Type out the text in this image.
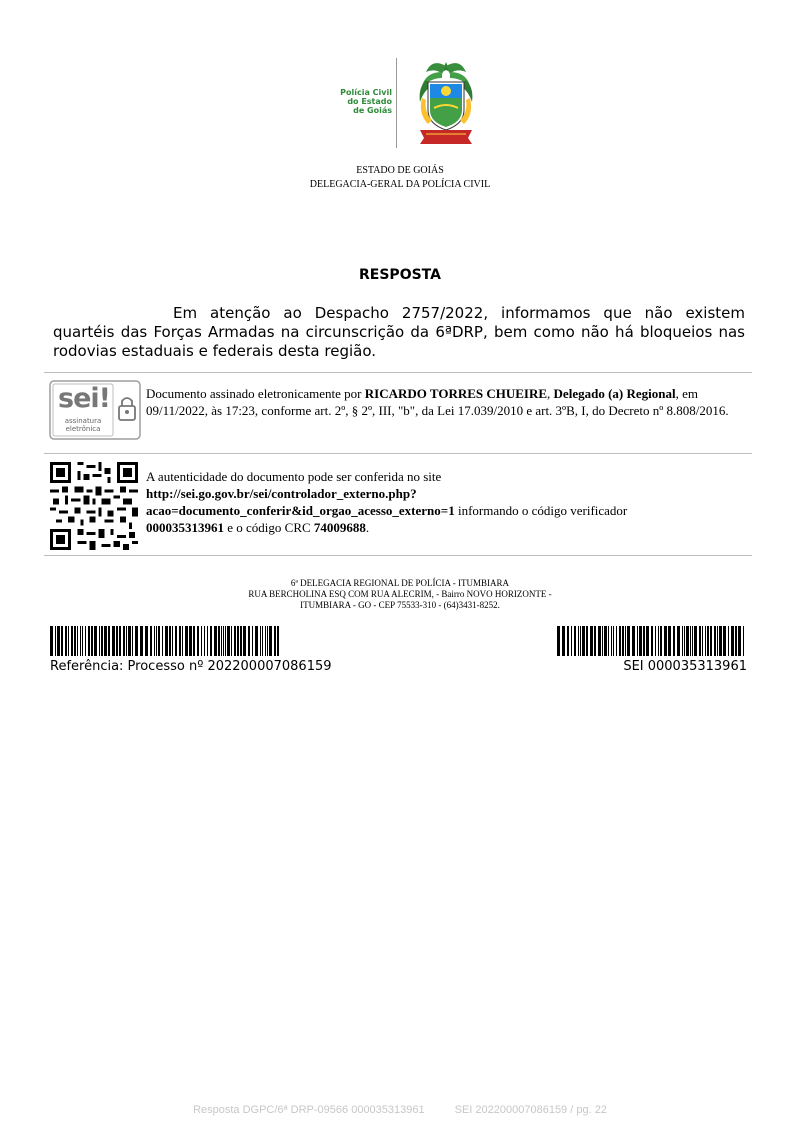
Polícia Civil
do Estado
de Goiás
ESTADO DE GOIÁS
DELEGACIA-GERAL DA POLÍCIA CIVIL
RESPOSTA
Em atenção ao Despacho 2757/2022, informamos que não existem quartéis das Forças Armadas na circunscrição da 6ªDRP, bem como não há bloqueios nas rodovias estaduais e federais desta região.
sei!
assinatura
eletrônica
Documento assinado eletronicamente por RICARDO TORRES CHUEIRE, Delegado (a) Regional, em 09/11/2022, às 17:23, conforme art. 2º, § 2º, III, "b", da Lei 17.039/2010 e art. 3ºB, I, do Decreto nº 8.808/2016.
A autenticidade do documento pode ser conferida no site
http://sei.go.gov.br/sei/controlador_externo.php?
acao=documento_conferir&id_orgao_acesso_externo=1 informando o código verificador
000035313961 e o código CRC 74009688.
6ª DELEGACIA REGIONAL DE POLÍCIA - ITUMBIARA
RUA BERCHOLINA ESQ COM RUA ALECRIM, - Bairro NOVO HORIZONTE -
ITUMBIARA - GO - CEP 75533-310 - (64)3431-8252.
Referência: Processo nº 202200007086159	SEI 000035313961
Resposta DGPC/6ª DRP-09566 000035313961	SEI 202200007086159 / pg. 22
